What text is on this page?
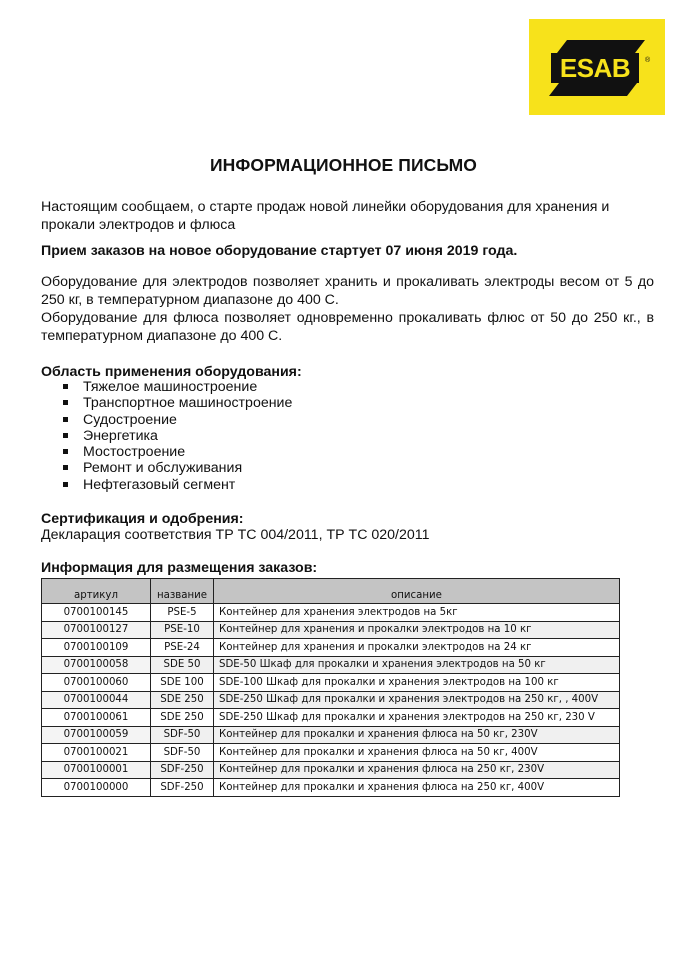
ESAB ®
ИНФОРМАЦИОННОЕ ПИСЬМО
Настоящим сообщаем, о старте продаж новой линейки оборудования для хранения и прокали электродов и флюса
Прием заказов на новое оборудование стартует 07 июня 2019 года.
Оборудование для электродов позволяет хранить и прокаливать электроды весом от 5 до 250 кг, в температурном диапазоне до 400 С.
Оборудование для флюса позволяет одновременно прокаливать флюс от 50 до 250 кг., в температурном диапазоне до 400 С.
Область применения оборудования:
Тяжелое машиностроение
Транспортное машиностроение
Судостроение
Энергетика
Мостостроение
Ремонт и обслуживания
Нефтегазовый сегмент
Сертификация и одобрения:
Декларация соответствия ТР ТС 004/2011, ТР ТС 020/2011
Информация для размещения заказов:
артикул	название	описание
0700100145	PSE-5	Контейнер для хранения электродов на 5кг
0700100127	PSE-10	Контейнер для хранения и прокалки электродов на 10 кг
0700100109	PSE-24	Контейнер для хранения и прокалки электродов на 24 кг
0700100058	SDE 50	SDE-50 Шкаф для прокалки и хранения электродов на 50 кг
0700100060	SDE 100	SDE-100 Шкаф для прокалки и хранения электродов на 100 кг
0700100044	SDE 250	SDE-250 Шкаф для прокалки и хранения электродов на 250 кг, , 400V
0700100061	SDE 250	SDE-250 Шкаф для прокалки и хранения электродов на 250 кг, 230 V
0700100059	SDF-50	Контейнер для прокалки и хранения флюса на 50 кг, 230V
0700100021	SDF-50	Контейнер для прокалки и хранения флюса на 50 кг, 400V
0700100001	SDF-250	Контейнер для прокалки и хранения флюса на 250 кг, 230V
0700100000	SDF-250	Контейнер для прокалки и хранения флюса на 250 кг, 400V
